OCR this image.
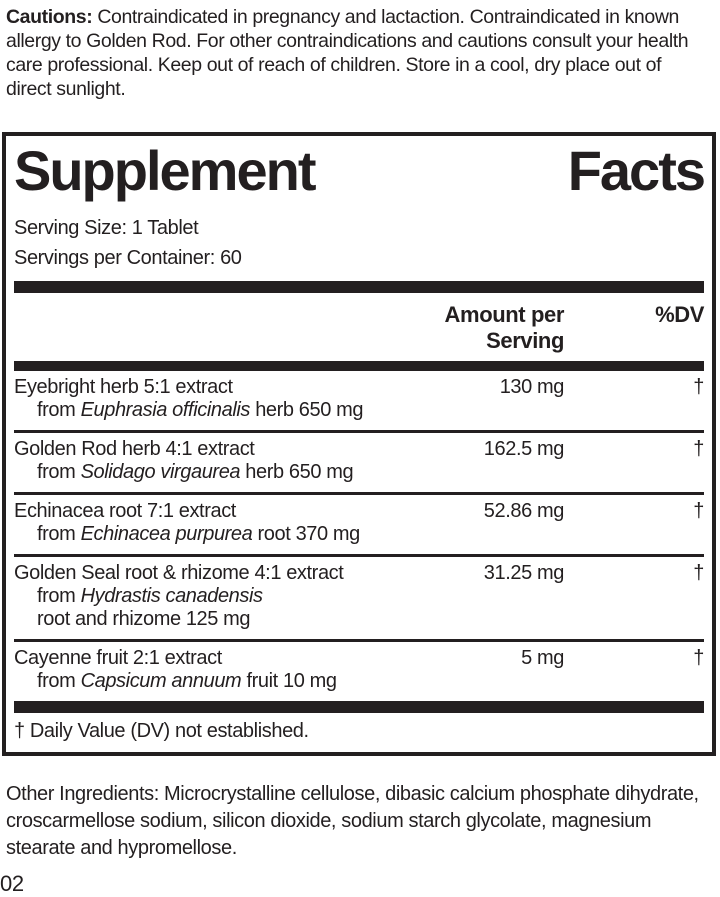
Cautions: Contraindicated in pregnancy and lactaction. Contraindicated in known allergy to Golden Rod. For other contraindications and cautions consult your health care professional. Keep out of reach of children. Store in a cool, dry place out of direct sunlight.

Supplement Facts
Serving Size: 1 Tablet
Servings per Container: 60
Amount per Serving
%DV
Eyebright herb 5:1 extract	130 mg	†
from Euphrasia officinalis herb 650 mg
Golden Rod herb 4:1 extract	162.5 mg	†
from Solidago virgaurea herb 650 mg
Echinacea root 7:1 extract	52.86 mg	†
from Echinacea purpurea root 370 mg
Golden Seal root & rhizome 4:1 extract	31.25 mg	†
from Hydrastis canadensis
root and rhizome 125 mg
Cayenne fruit 2:1 extract	5 mg	†
from Capsicum annuum fruit 10 mg
† Daily Value (DV) not established.

Other Ingredients: Microcrystalline cellulose, dibasic calcium phosphate dihydrate, croscarmellose sodium, silicon dioxide, sodium starch glycolate, magnesium stearate and hypromellose.

02
